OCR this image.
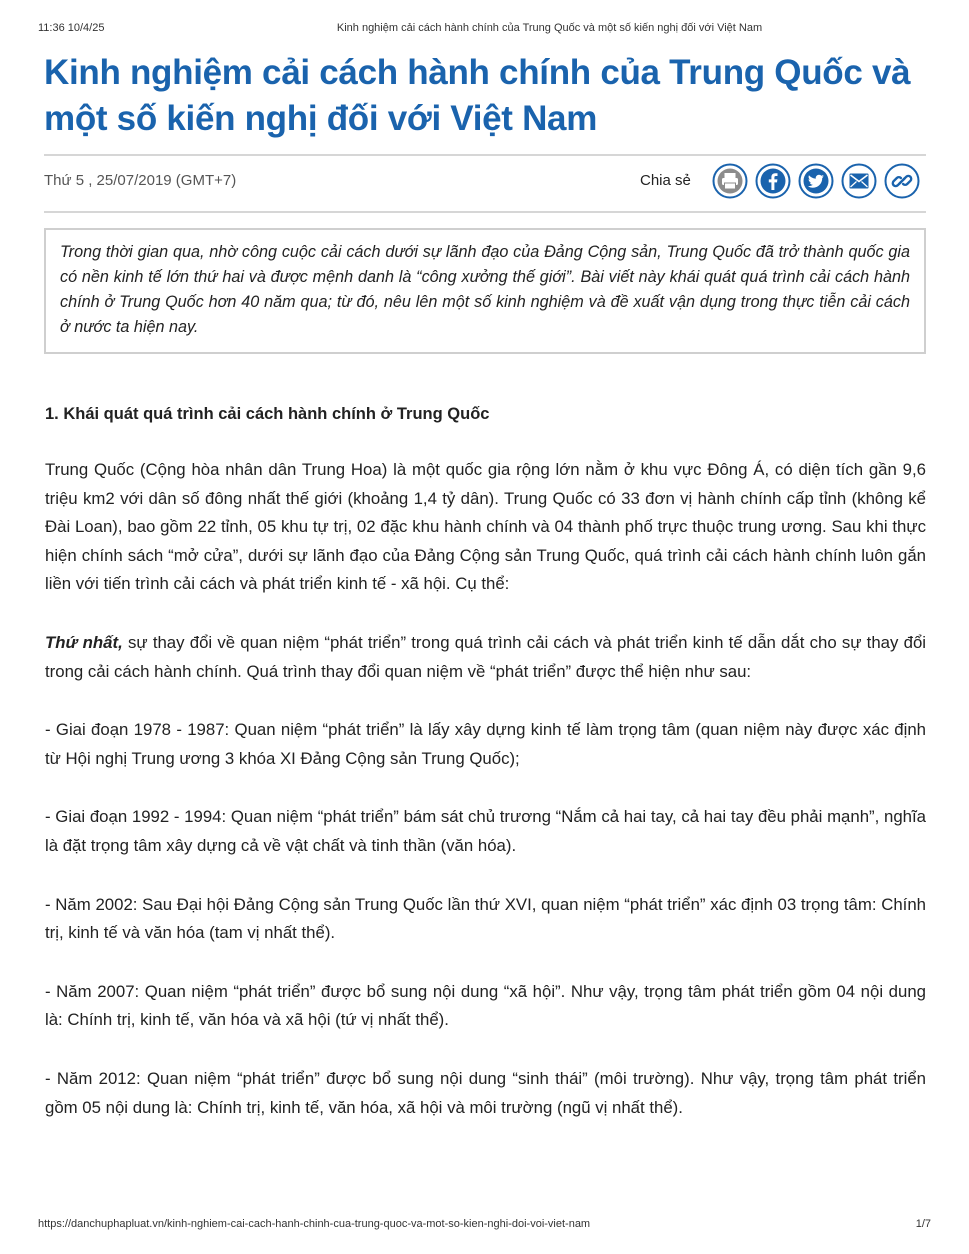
11:36 10/4/25	Kinh nghiệm cải cách hành chính của Trung Quốc và một số kiến nghị đối với Việt Nam
Kinh nghiệm cải cách hành chính của Trung Quốc và
một số kiến nghị đối với Việt Nam
Thứ 5 , 25/07/2019 (GMT+7)	Chia sẻ
Trong thời gian qua, nhờ công cuộc cải cách dưới sự lãnh đạo của Đảng Cộng sản, Trung Quốc đã trở thành quốc gia có nền kinh tế lớn thứ hai và được mệnh danh là “công xưởng thế giới”. Bài viết này khái quát quá trình cải cách hành chính ở Trung Quốc hơn 40 năm qua; từ đó, nêu lên một số kinh nghiệm và đề xuất vận dụng trong thực tiễn cải cách ở nước ta hiện nay.
1. Khái quát quá trình cải cách hành chính ở Trung Quốc

Trung Quốc (Cộng hòa nhân dân Trung Hoa) là một quốc gia rộng lớn nằm ở khu vực Đông Á, có diện tích gần 9,6 triệu km2 với dân số đông nhất thế giới (khoảng 1,4 tỷ dân). Trung Quốc có 33 đơn vị hành chính cấp tỉnh (không kể Đài Loan), bao gồm 22 tỉnh, 05 khu tự trị, 02 đặc khu hành chính và 04 thành phố trực thuộc trung ương. Sau khi thực hiện chính sách “mở cửa”, dưới sự lãnh đạo của Đảng Cộng sản Trung Quốc, quá trình cải cách hành chính luôn gắn liền với tiến trình cải cách và phát triển kinh tế - xã hội. Cụ thể:

Thứ nhất, sự thay đổi về quan niệm “phát triển” trong quá trình cải cách và phát triển kinh tế dẫn dắt cho sự thay đổi trong cải cách hành chính. Quá trình thay đổi quan niệm về “phát triển” được thể hiện như sau:

- Giai đoạn 1978 - 1987: Quan niệm “phát triển” là lấy xây dựng kinh tế làm trọng tâm (quan niệm này được xác định từ Hội nghị Trung ương 3 khóa XI Đảng Cộng sản Trung Quốc);

- Giai đoạn 1992 - 1994: Quan niệm “phát triển” bám sát chủ trương “Nắm cả hai tay, cả hai tay đều phải mạnh”, nghĩa là đặt trọng tâm xây dựng cả về vật chất và tinh thần (văn hóa).

- Năm 2002: Sau Đại hội Đảng Cộng sản Trung Quốc lần thứ XVI, quan niệm “phát triển” xác định 03 trọng tâm: Chính trị, kinh tế và văn hóa (tam vị nhất thể).

- Năm 2007: Quan niệm “phát triển” được bổ sung nội dung “xã hội”. Như vậy, trọng tâm phát triển gồm 04 nội dung là: Chính trị, kinh tế, văn hóa và xã hội (tứ vị nhất thể).

- Năm 2012: Quan niệm “phát triển” được bổ sung nội dung “sinh thái” (môi trường). Như vậy, trọng tâm phát triển gồm 05 nội dung là: Chính trị, kinh tế, văn hóa, xã hội và môi trường (ngũ vị nhất thể).

https://danchuphapluat.vn/kinh-nghiem-cai-cach-hanh-chinh-cua-trung-quoc-va-mot-so-kien-nghi-doi-voi-viet-nam	1/7
